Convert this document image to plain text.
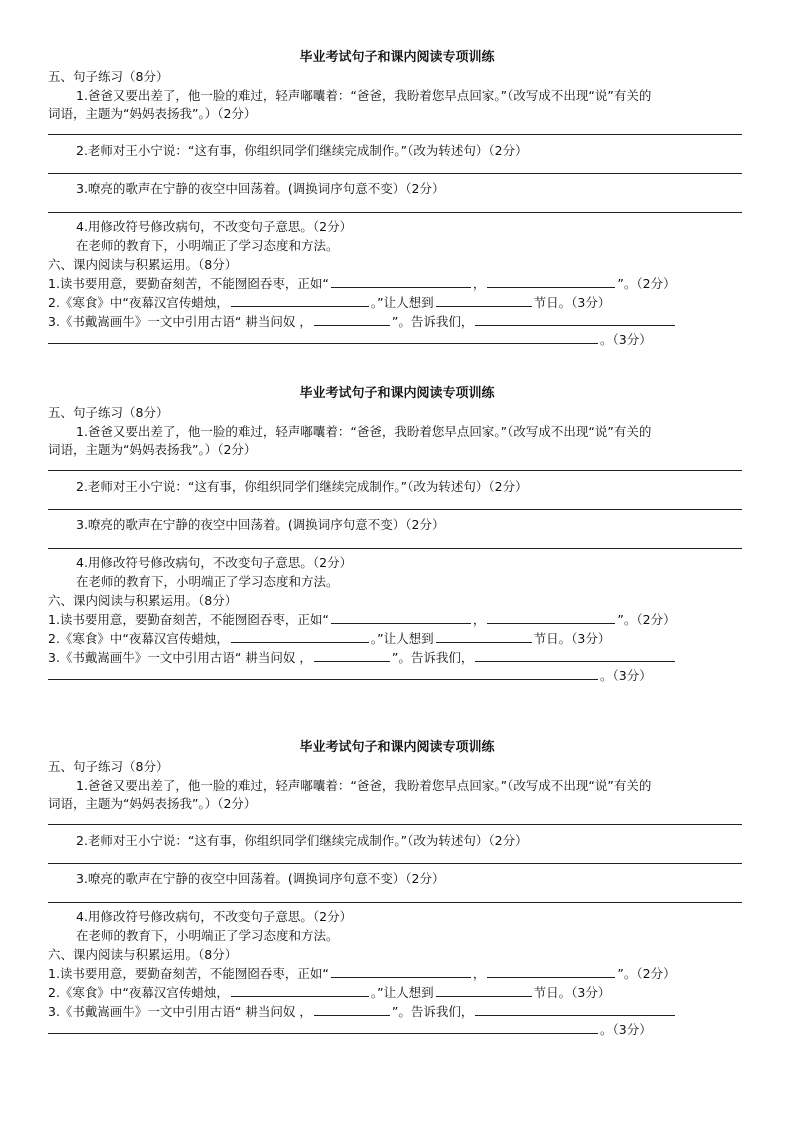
毕业考试句子和课内阅读专项训练
五、句子练习（8分）
1.爸爸又要出差了，他一脸的难过，轻声嘟囔着：“爸爸，我盼着您早点回家。”（改写成不出现“说”有关的
词语，主题为“妈妈表扬我”。）（2分）
2.老师对王小宁说：“这有事，你组织同学们继续完成制作。”（改为转述句）（2分）
3.嘹亮的歌声在宁静的夜空中回荡着。(调换词序句意不变）（2分）
4.用修改符号修改病句，不改变句子意思。（2分）
在老师的教育下，小明端正了学习态度和方法。
六、课内阅读与积累运用。（8分）
1.读书要用意，要勤奋刻苦，不能囫囵吞枣，正如“	，	”。（2分）
2.《寒食》中“夜幕汉宫传蜡烛，	。”让人想到	节日。（3分）
3.《书戴嵩画牛》一文中引用古语“ 耕当问奴 ，	”。告诉我们，
。（3分）
毕业考试句子和课内阅读专项训练
五、句子练习（8分）
1.爸爸又要出差了，他一脸的难过，轻声嘟囔着：“爸爸，我盼着您早点回家。”（改写成不出现“说”有关的
词语，主题为“妈妈表扬我”。）（2分）
2.老师对王小宁说：“这有事，你组织同学们继续完成制作。”（改为转述句）（2分）
3.嘹亮的歌声在宁静的夜空中回荡着。(调换词序句意不变）（2分）
4.用修改符号修改病句，不改变句子意思。（2分）
在老师的教育下，小明端正了学习态度和方法。
六、课内阅读与积累运用。（8分）
1.读书要用意，要勤奋刻苦，不能囫囵吞枣，正如“	，	”。（2分）
2.《寒食》中“夜幕汉宫传蜡烛，	。”让人想到	节日。（3分）
3.《书戴嵩画牛》一文中引用古语“ 耕当问奴 ，	”。告诉我们，
。（3分）
毕业考试句子和课内阅读专项训练
五、句子练习（8分）
1.爸爸又要出差了，他一脸的难过，轻声嘟囔着：“爸爸，我盼着您早点回家。”（改写成不出现“说”有关的
词语，主题为“妈妈表扬我”。）（2分）
2.老师对王小宁说：“这有事，你组织同学们继续完成制作。”（改为转述句）（2分）
3.嘹亮的歌声在宁静的夜空中回荡着。(调换词序句意不变）（2分）
4.用修改符号修改病句，不改变句子意思。（2分）
在老师的教育下，小明端正了学习态度和方法。
六、课内阅读与积累运用。（8分）
1.读书要用意，要勤奋刻苦，不能囫囵吞枣，正如“	，	”。（2分）
2.《寒食》中“夜幕汉宫传蜡烛，	。”让人想到	节日。（3分）
3.《书戴嵩画牛》一文中引用古语“ 耕当问奴 ，	”。告诉我们，
。（3分）
